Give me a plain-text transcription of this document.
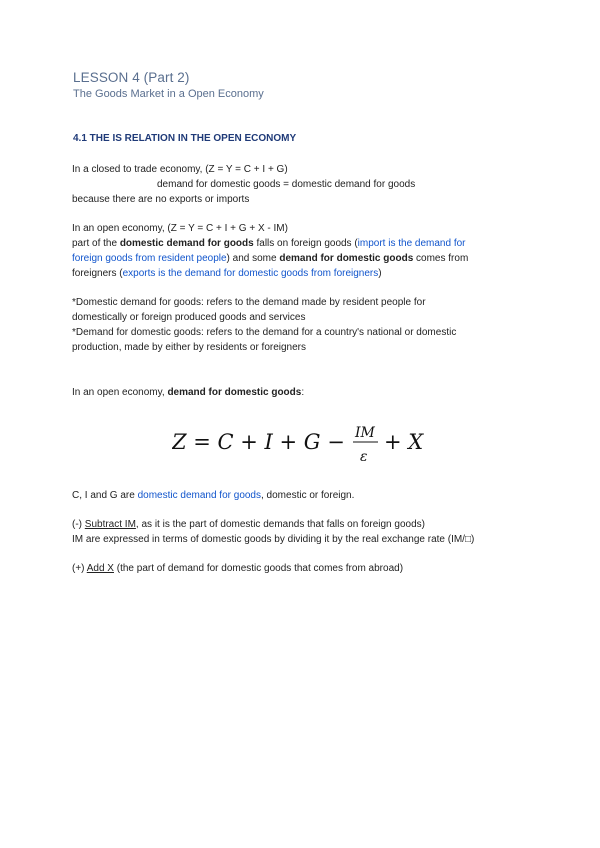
LESSON 4 (Part 2)
The Goods Market in a Open Economy
4.1 THE IS RELATION IN THE OPEN ECONOMY
In a closed to trade economy, (Z = Y = C + I + G)
demand for domestic goods = domestic demand for goods
because there are no exports or imports
In an open economy, (Z = Y = C + I + G + X - IM)
part of the domestic demand for goods falls on foreign goods (import is the demand for
foreign goods from resident people) and some demand for domestic goods comes from
foreigners (exports is the demand for domestic goods from foreigners)
*Domestic demand for goods: refers to the demand made by resident people for
domestically or foreign produced goods and services
*Demand for domestic goods: refers to the demand for a country's national or domestic
production, made by either by residents or foreigners
In an open economy, demand for domestic goods:
Z = C + I + G − IM
ε
+ X
C, I and G are domestic demand for goods, domestic or foreign.
(-) Subtract IM, as it is the part of domestic demands that falls on foreign goods)
IM are expressed in terms of domestic goods by dividing it by the real exchange rate (IM/□)
(+) Add X (the part of demand for domestic goods that comes from abroad)
